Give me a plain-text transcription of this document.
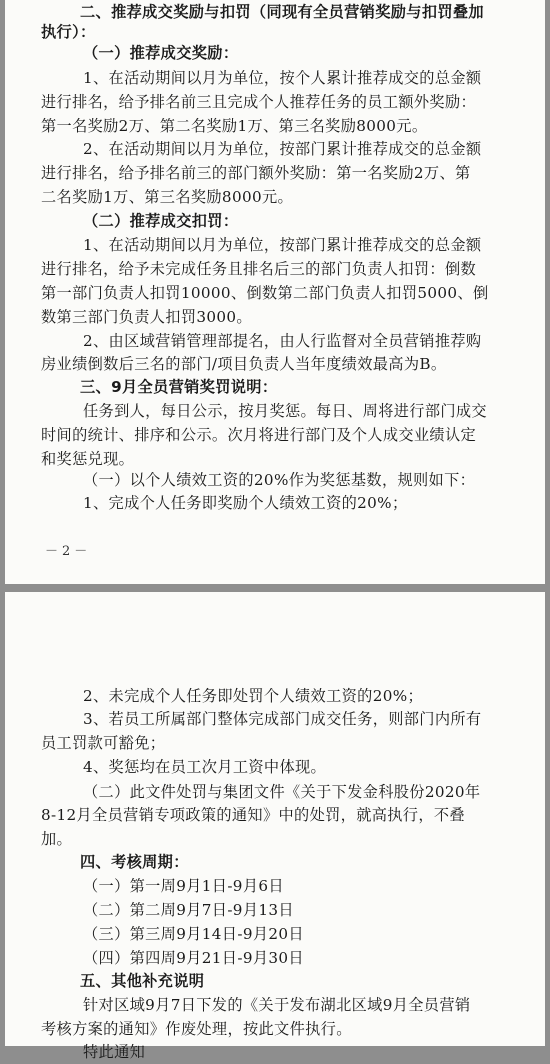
二、推荐成交奖励与扣罚（同现有全员营销奖励与扣罚叠加
执行）：
（一）推荐成交奖励：
1、在活动期间以月为单位，按个人累计推荐成交的总金额
进行排名，给予排名前三且完成个人推荐任务的员工额外奖励：
第一名奖励2万、第二名奖励1万、第三名奖励8000元。
2、在活动期间以月为单位，按部门累计推荐成交的总金额
进行排名，给予排名前三的部门额外奖励：第一名奖励2万、第
二名奖励1万、第三名奖励8000元。
（二）推荐成交扣罚：
1、在活动期间以月为单位，按部门累计推荐成交的总金额
进行排名，给予未完成任务且排名后三的部门负责人扣罚：倒数
第一部门负责人扣罚10000、倒数第二部门负责人扣罚5000、倒
数第三部门负责人扣罚3000。
2、由区域营销管理部提名，由人行监督对全员营销推荐购
房业绩倒数后三名的部门/项目负责人当年度绩效最高为B。
三、9月全员营销奖罚说明：
任务到人，每日公示，按月奖惩。每日、周将进行部门成交
时间的统计、排序和公示。次月将进行部门及个人成交业绩认定
和奖惩兑现。
（一）以个人绩效工资的20%作为奖惩基数，规则如下：
1、完成个人任务即奖励个人绩效工资的20%；
－2－
2、未完成个人任务即处罚个人绩效工资的20%；
3、若员工所属部门整体完成部门成交任务，则部门内所有
员工罚款可豁免；
4、奖惩均在员工次月工资中体现。
（二）此文件处罚与集团文件《关于下发金科股份2020年
8-12月全员营销专项政策的通知》中的处罚，就高执行，不叠
加。
四、考核周期：
（一）第一周9月1日-9月6日
（二）第二周9月7日-9月13日
（三）第三周9月14日-9月20日
（四）第四周9月21日-9月30日
五、其他补充说明
针对区域9月7日下发的《关于发布湖北区域9月全员营销
考核方案的通知》作废处理，按此文件执行。
特此通知
